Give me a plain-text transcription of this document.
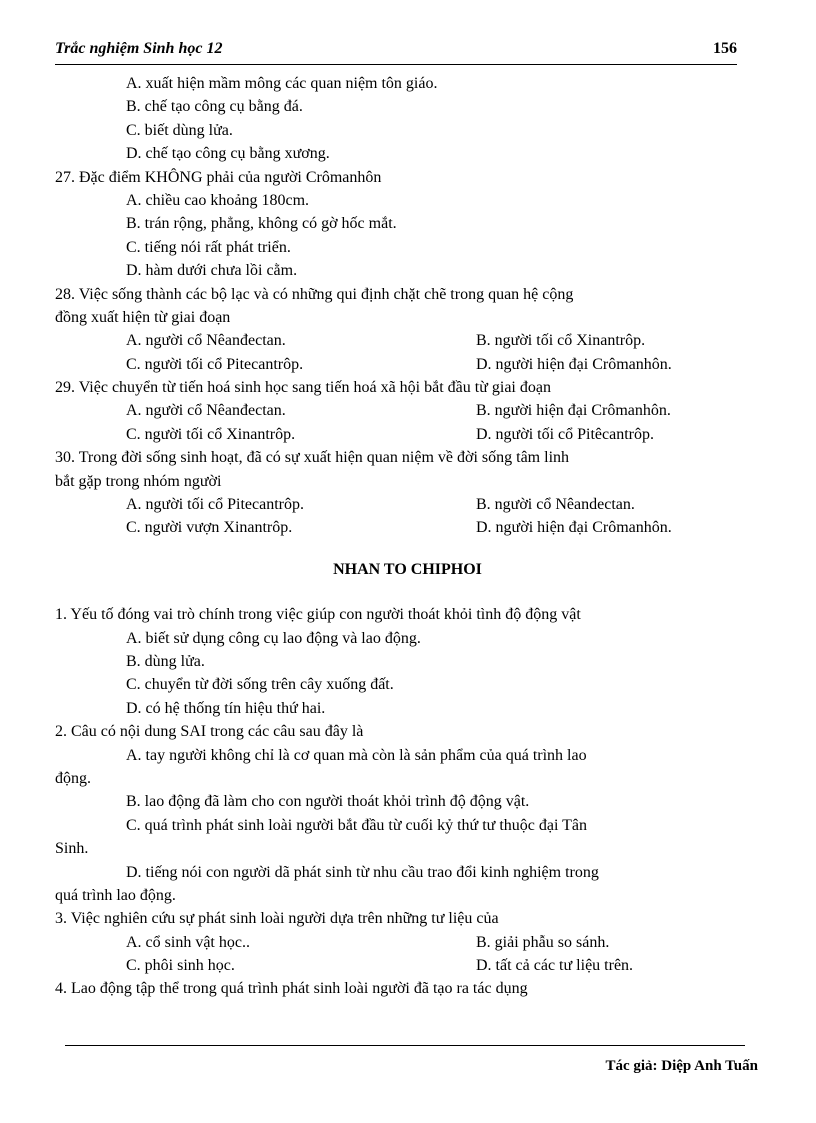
Trắc nghiệm Sinh học 12	156
A. xuất hiện mầm mông các quan niệm tôn giáo.
B. chế tạo công cụ bằng đá.
C. biết dùng lửa.
D. chế tạo công cụ bằng xương.
27. Đặc điểm KHÔNG phải của người Crômanhôn
A. chiều cao khoảng 180cm.
B. trán rộng, phẳng, không có gờ hốc mắt.
C. tiếng nói rất phát triển.
D. hàm dưới chưa lồi cằm.
28. Việc sống thành các bộ lạc và có những qui định chặt chẽ trong quan hệ cộng
đồng xuất hiện từ giai đoạn
A. người cổ Nêanđectan.	B. người tối cổ Xinantrôp.
C. người tối cổ Pitecantrôp.	D. người hiện đại Crômanhôn.
29. Việc chuyển từ tiến hoá sinh học sang tiến hoá xã hội bắt đầu từ giai đoạn
A. người cổ Nêanđectan.	B. người hiện đại Crômanhôn.
C. người tối cổ Xinantrôp.	D. người tối cổ Pitêcantrôp.
30. Trong đời sống sinh hoạt, đã có sự xuất hiện quan niệm về đời sống tâm linh
bắt gặp trong nhóm người
A. người tối cổ Pitecantrôp.	B. người cổ Nêandectan.
C. người vượn Xinantrôp.	D. người hiện đại Crômanhôn.
NHAN TO CHIPHOI
1. Yếu tố đóng vai trò chính trong việc giúp con người thoát khỏi tình độ động vật
A. biết sử dụng công cụ lao động và lao động.
B. dùng lửa.
C. chuyển từ đời sống trên cây xuống đất.
D. có hệ thống tín hiệu thứ hai.
2. Câu có nội dung SAI trong các câu sau đây là
A. tay người không chỉ là cơ quan mà còn là sản phẩm của quá trình lao
động.
B. lao động đã làm cho con người thoát khỏi trình độ động vật.
C. quá trình phát sinh loài người bắt đầu từ cuối kỷ thứ tư thuộc đại Tân
Sinh.
D. tiếng nói con người dã phát sinh từ nhu cầu trao đổi kinh nghiệm trong
quá trình lao động.
3. Việc nghiên cứu sự phát sinh loài người dựa trên những tư liệu của
A. cổ sinh vật học..	B. giải phẫu so sánh.
C. phôi sinh học.	D. tất cả các tư liệu trên.
4. Lao động tập thể trong quá trình phát sinh loài người đã tạo ra tác dụng
Tác giả: Diệp Anh Tuấn
